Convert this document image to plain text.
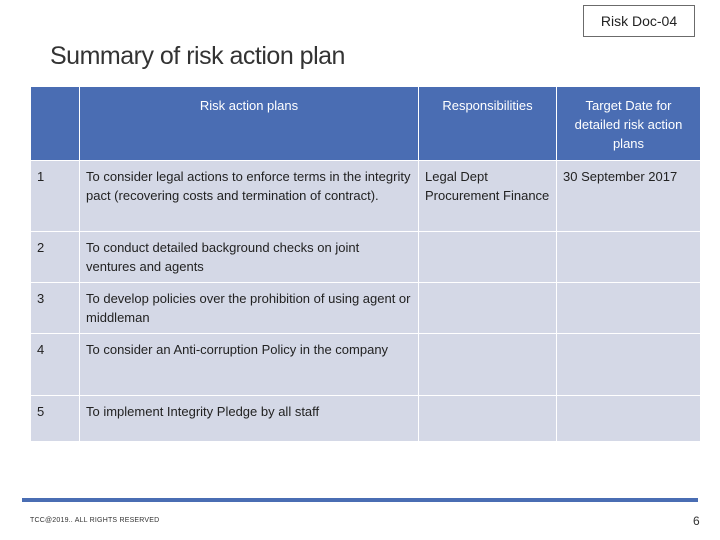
Risk Doc-04
Summary of risk action plan
	Risk action plans	Responsibilities	Target Date for detailed risk action plans
1	To consider legal actions to enforce terms in the integrity pact (recovering costs and termination of contract).	Legal Dept Procurement Finance	30 September 2017
2	To conduct detailed background checks on joint ventures and agents		
3	To develop policies over the prohibition of using agent or middleman		
4	To consider an Anti-corruption Policy in the company		
5	To implement Integrity Pledge by all staff		
TCC@2019.. ALL RIGHTS RESERVED	6
